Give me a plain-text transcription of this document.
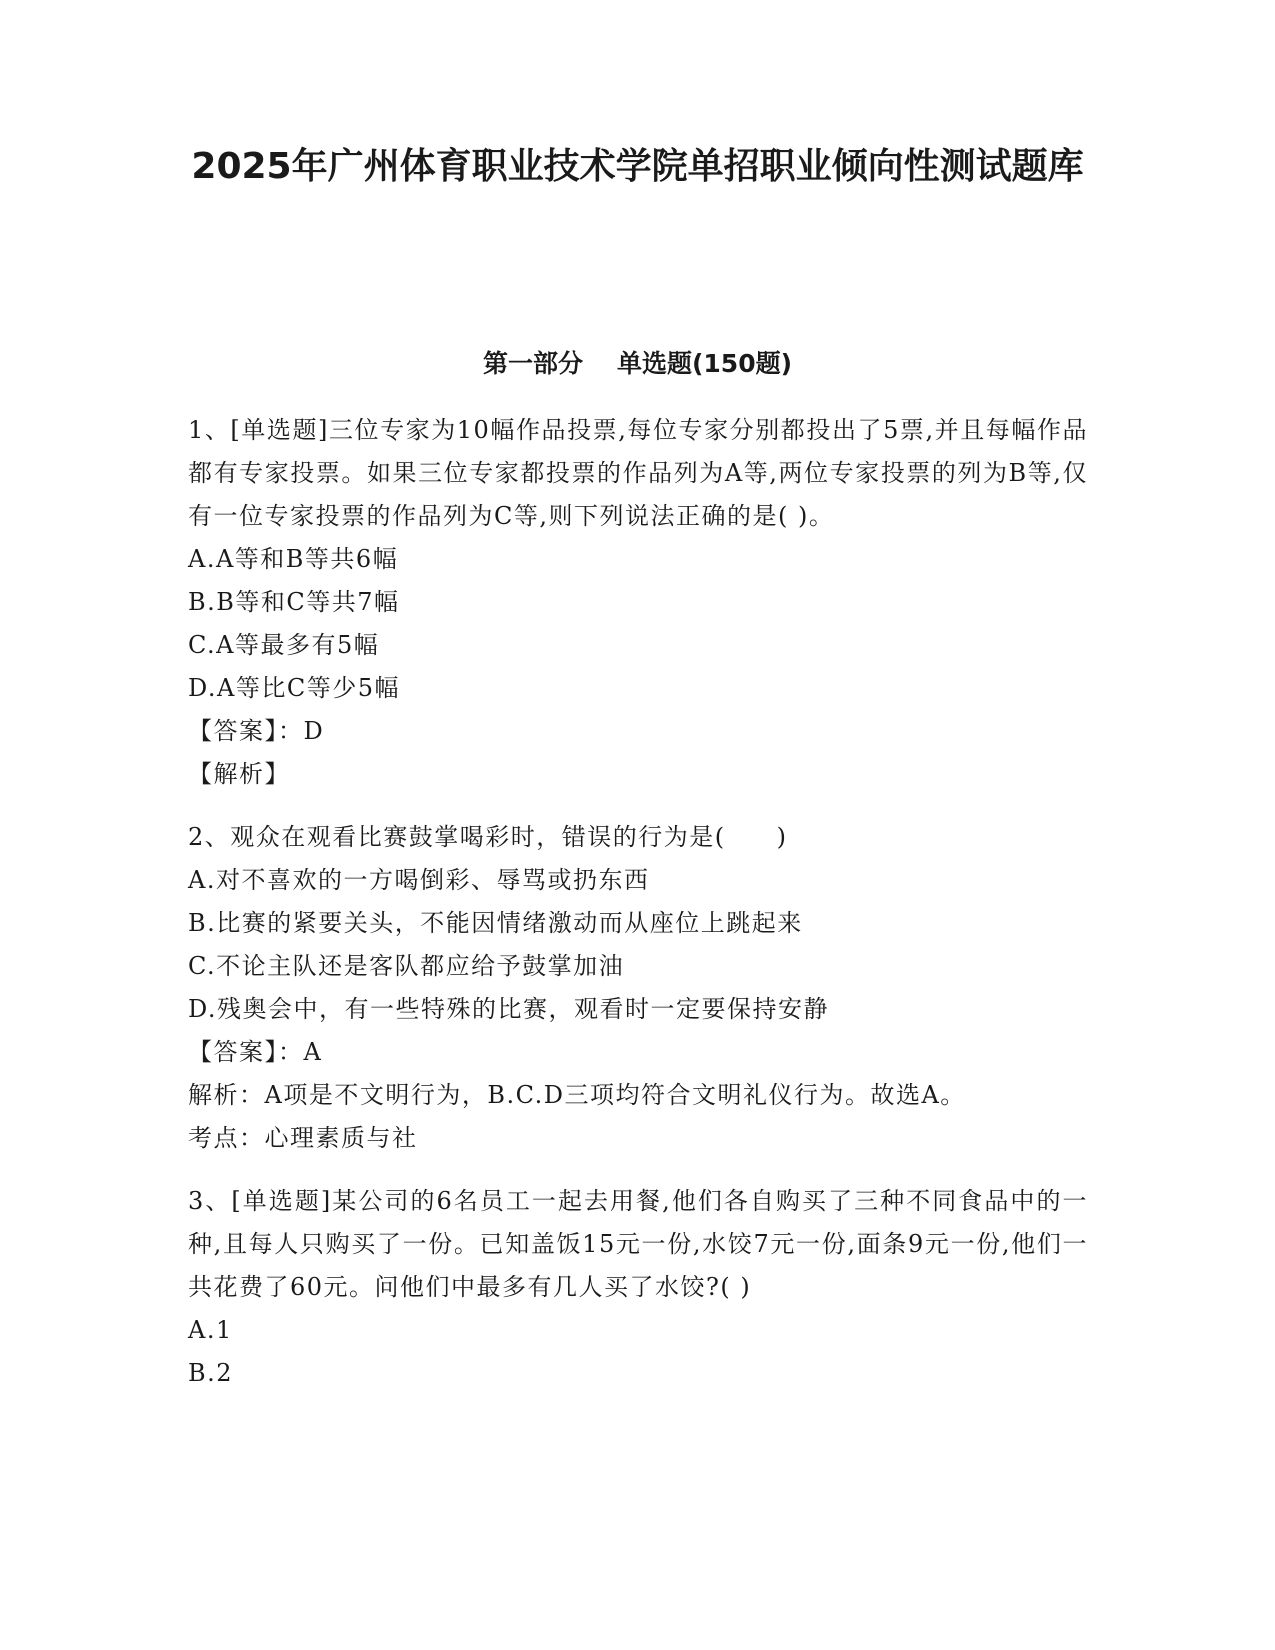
2025年广州体育职业技术学院单招职业倾向性测试题库
第一部分 单选题(150题)

1、[单选题]三位专家为10幅作品投票,每位专家分别都投出了5票,并且每幅作品都有专家投票。如果三位专家都投票的作品列为A等,两位专家投票的列为B等,仅有一位专家投票的作品列为C等,则下列说法正确的是( )。

A.A等和B等共6幅

B.B等和C等共7幅

C.A等最多有5幅

D.A等比C等少5幅

【答案】：D

【解析】

2、观众在观看比赛鼓掌喝彩时，错误的行为是(　　)

A.对不喜欢的一方喝倒彩、辱骂或扔东西

B.比赛的紧要关头，不能因情绪激动而从座位上跳起来

C.不论主队还是客队都应给予鼓掌加油

D.残奥会中，有一些特殊的比赛，观看时一定要保持安静

【答案】：A

解析：A项是不文明行为，B.C.D三项均符合文明礼仪行为。故选A。

考点：心理素质与社

3、[单选题]某公司的6名员工一起去用餐,他们各自购买了三种不同食品中的一种,且每人只购买了一份。已知盖饭15元一份,水饺7元一份,面条9元一份,他们一共花费了60元。问他们中最多有几人买了水饺?( )

A.1

B.2
